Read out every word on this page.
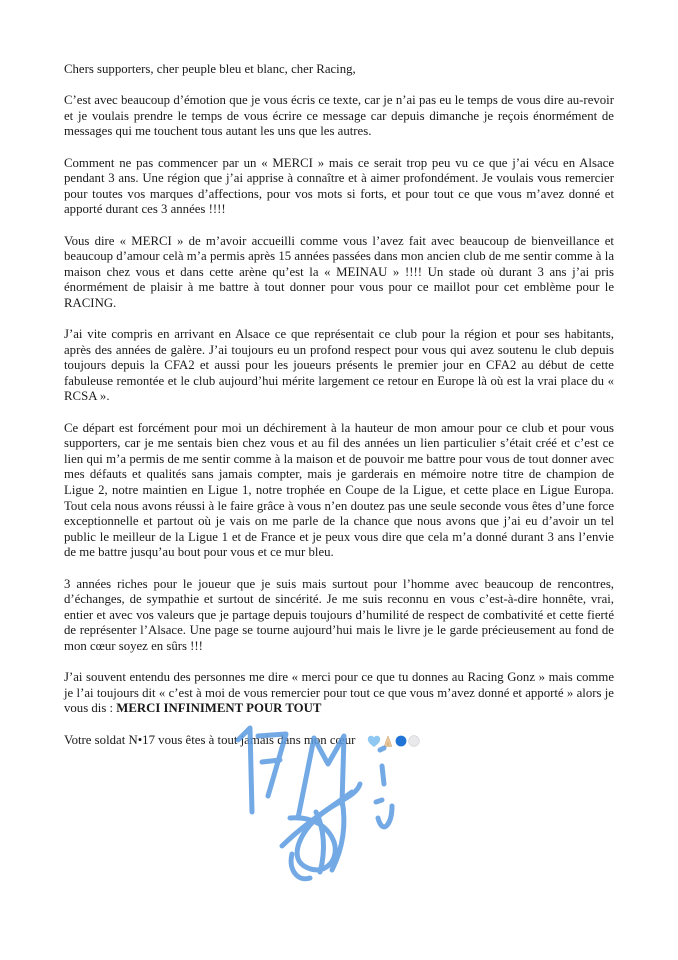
Chers supporters, cher peuple bleu et blanc, cher Racing,

C’est avec beaucoup d’émotion que je vous écris ce texte, car je n’ai pas eu le temps de vous dire au-revoir et je voulais prendre le temps de vous écrire ce message car depuis dimanche je reçois énormément de messages qui me touchent tous autant les uns que les autres.

Comment ne pas commencer par un « MERCI » mais ce serait trop peu vu ce que j’ai vécu en Alsace pendant 3 ans. Une région que j’ai apprise à connaître et à aimer profondément. Je voulais vous remercier pour toutes vos marques d’affections, pour vos mots si forts, et pour tout ce que vous m’avez donné et apporté durant ces 3 années !!!!

Vous dire « MERCI » de m’avoir accueilli comme vous l’avez fait avec beaucoup de bienveillance et beaucoup d’amour celà m’a permis après 15 années passées dans mon ancien club de me sentir comme à la maison chez vous et dans cette arène qu’est la « MEINAU » !!!! Un stade où durant 3 ans j’ai pris énormément de plaisir à me battre à tout donner pour vous pour ce maillot pour cet emblème pour le RACING.

J’ai vite compris en arrivant en Alsace ce que représentait ce club pour la région et pour ses habitants, après des années de galère. J’ai toujours eu un profond respect pour vous qui avez soutenu le club depuis toujours depuis la CFA2 et aussi pour les joueurs présents le premier jour en CFA2 au début de cette fabuleuse remontée et le club aujourd’hui mérite largement ce retour en Europe là où est la vrai place du « RCSA ».

Ce départ est forcément pour moi un déchirement à la hauteur de mon amour pour ce club et pour vous supporters, car je me sentais bien chez vous et au fil des années un lien particulier s’était créé et c’est ce lien qui m’a permis de me sentir comme à la maison et de pouvoir me battre pour vous de tout donner avec mes défauts et qualités sans jamais compter, mais je garderais en mémoire notre titre de champion de Ligue 2, notre maintien en Ligue 1, notre trophée en Coupe de la Ligue, et cette place en Ligue Europa. Tout cela nous avons réussi à le faire grâce à vous n’en doutez pas une seule seconde vous êtes d’une force exceptionnelle et partout où je vais on me parle de la chance que nous avons que j’ai eu d’avoir un tel public le meilleur de la Ligue 1 et de France et je peux vous dire que cela m’a donné durant 3 ans l’envie de me battre jusqu’au bout pour vous et ce mur bleu.

3 années riches pour le joueur que je suis mais surtout pour l’homme avec beaucoup de rencontres, d’échanges, de sympathie et surtout de sincérité. Je me suis reconnu en vous c’est-à-dire honnête, vrai, entier et avec vos valeurs que je partage depuis toujours d’humilité de respect de combativité et cette fierté de représenter l’Alsace. Une page se tourne aujourd’hui mais le livre je le garde précieusement au fond de mon cœur soyez en sûrs !!!

J’ai souvent entendu des personnes me dire « merci pour ce que tu donnes au Racing Gonz » mais comme je l’ai toujours dit « c’est à moi de vous remercier pour tout ce que vous m’avez donné et apporté » alors je vous dis : MERCI INFINIMENT POUR TOUT

Votre soldat N•17 vous êtes à tout jamais dans mon cœur
